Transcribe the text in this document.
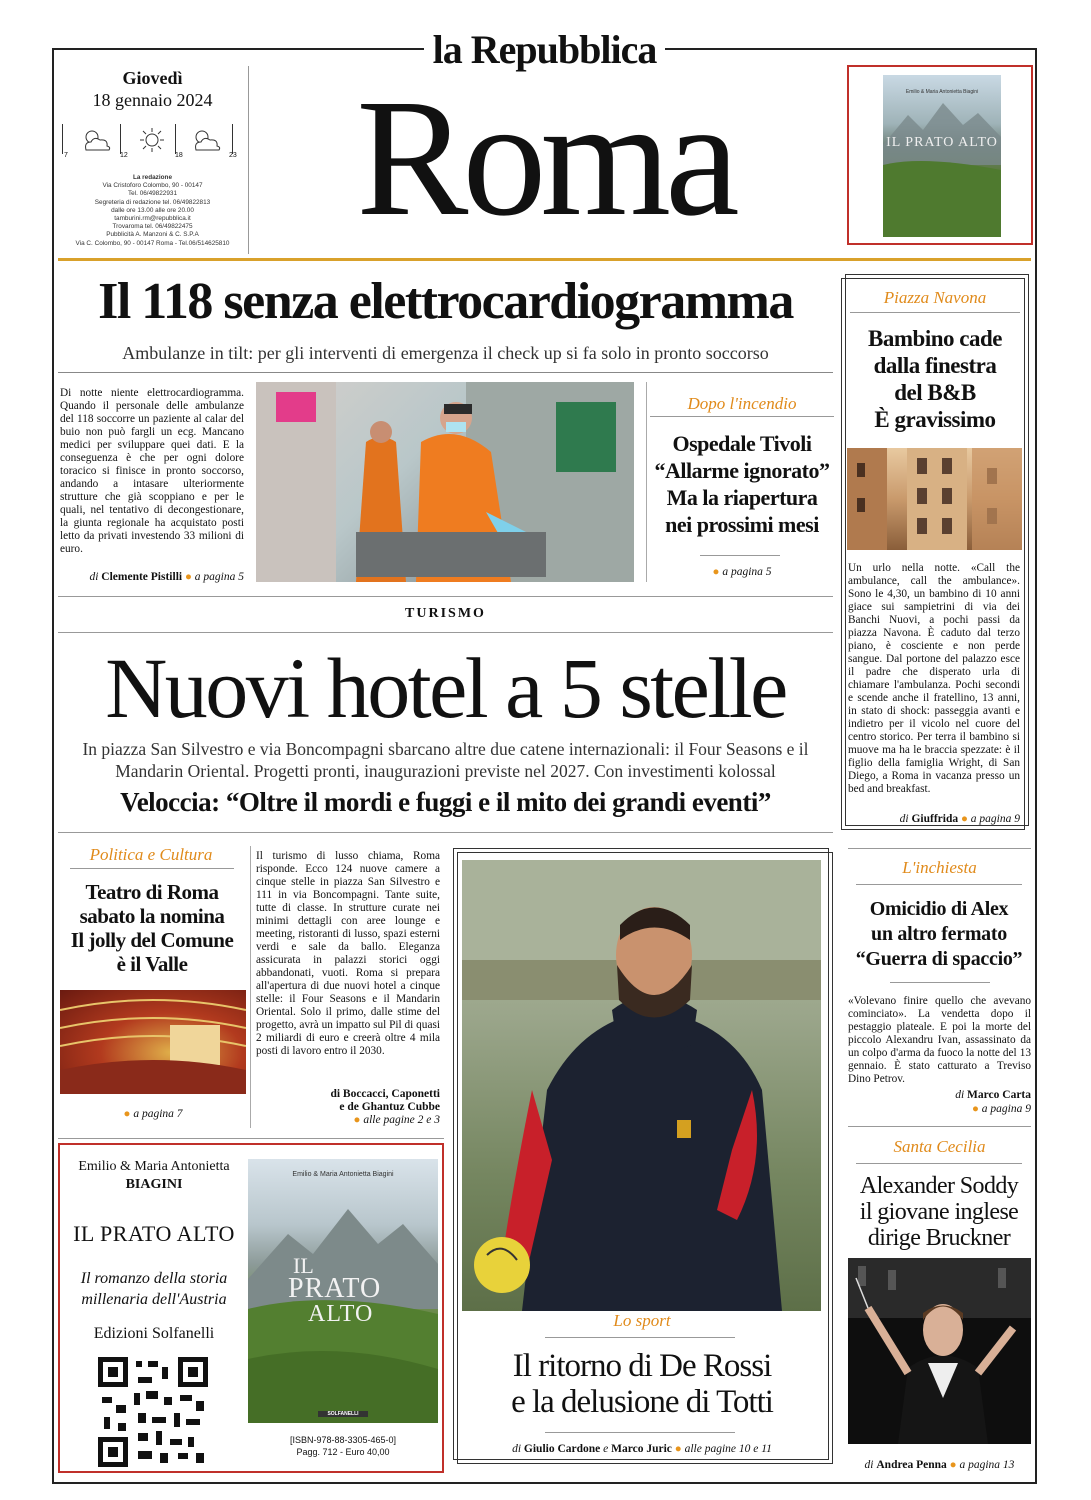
la Repubblica
Giovedì
18 gennaio 2024
7	12	18	23
La redazione
Via Cristoforo Colombo, 90 - 00147
Tel. 06/49822931
Segreteria di redazione tel. 06/49822813
dalle ore 13.00 alle ore 20.00
tamburini.rm@repubblica.it
Trovaroma tel. 06/49822475
Pubblicità A. Manzoni & C. S.P.A
Via C. Colombo, 90 - 00147 Roma - Tel.06/514625810 Roma	Emilio & Maria Antonietta Biagini
IL PRATO ALTO
Il 118 senza elettrocardiogramma
Ambulanze in tilt: per gli interventi di emergenza il check up si fa solo in pronto soccorso
Di notte niente elettrocardiogramma. Quando il personale delle ambulanze del 118 soccorre un paziente al calar del buio non può fargli un ecg. Mancano medici per sviluppare quei dati. E la conseguenza è che per ogni dolore toracico si finisce in pronto soccorso, andando a intasare ulteriormente strutture che già scoppiano e per le quali, nel tentativo di decongestionare, la giunta regionale ha acquistato posti letto da privati investendo 33 milioni di euro.
di Clemente Pistilli ● a pagina 5
Dopo l'incendio
Ospedale Tivoli
“Allarme ignorato”
Ma la riapertura
nei prossimi mesi
● a pagina 5
Piazza Navona
Bambino cade
dalla finestra
del B&B
È gravissimo
Un urlo nella notte. «Call the ambulance, call the ambulance». Sono le 4,30, un bambino di 10 anni giace sui sampietrini di via dei Banchi Nuovi, a pochi passi da piazza Navona. È caduto dal terzo piano, è cosciente e non perde sangue. Dal portone del palazzo esce il padre che disperato urla di chiamare l'ambulanza. Pochi secondi e scende anche il fratellino, 13 anni, in stato di shock: passeggia avanti e indietro per il vicolo nel cuore del centro storico. Per terra il bambino si muove ma ha le braccia spezzate: è il figlio della famiglia Wright, di San Diego, a Roma in vacanza presso un bed and breakfast.
di Giuffrida ● a pagina 9
TURISMO
Nuovi hotel a 5 stelle
In piazza San Silvestro e via Boncompagni sbarcano altre due catene internazionali: il Four Seasons e il Mandarin Oriental. Progetti pronti, inaugurazioni previste nel 2027. Con investimenti kolossal
Veloccia: “Oltre il mordi e fuggi e il mito dei grandi eventi”
Politica e Cultura
Teatro di Roma
sabato la nomina
Il jolly del Comune
è il Valle
● a pagina 7
Il turismo di lusso chiama, Roma risponde. Ecco 124 nuove camere a cinque stelle in piazza San Silvestro e 111 in via Boncompagni. Tante suite, tutte di classe. In strutture curate nei minimi dettagli con aree lounge e meeting, ristoranti di lusso, spazi esterni verdi e sale da ballo. Eleganza assicurata in palazzi storici oggi abbandonati, vuoti. Roma si prepara all'apertura di due nuovi hotel a cinque stelle: il Four Seasons e il Mandarin Oriental. Solo il primo, dalle stime del progetto, avrà un impatto sul Pil di quasi 2 miliardi di euro e creerà oltre 4 mila posti di lavoro entro il 2030.
di Boccacci, Caponetti
e de Ghantuz Cubbe
● alle pagine 2 e 3
Lo sport
Il ritorno di De Rossi
e la delusione di Totti
di Giulio Cardone e Marco Juric ● alle pagine 10 e 11
L'inchiesta
Omicidio di Alex
un altro fermato
“Guerra di spaccio”
«Volevano finire quello che avevano cominciato». La vendetta dopo il pestaggio plateale. E poi la morte del piccolo Alexandru Ivan, assassinato da un colpo d'arma da fuoco la notte del 13 gennaio. È stato catturato a Treviso Dino Petrov.
di Marco Carta
● a pagina 9
Santa Cecilia
Alexander Soddy
il giovane inglese
dirige Bruckner
di Andrea Penna ● a pagina 13
Emilio & Maria Antonietta
BIAGINI
IL PRATO ALTO
Il romanzo della storia
millenaria dell'Austria
Edizioni Solfanelli
Emilio & Maria Antonietta Biagini
IL
PRATO
ALTO
SOLFANELLI
[ISBN-978-88-3305-465-0]
Pagg. 712 - Euro 40,00
